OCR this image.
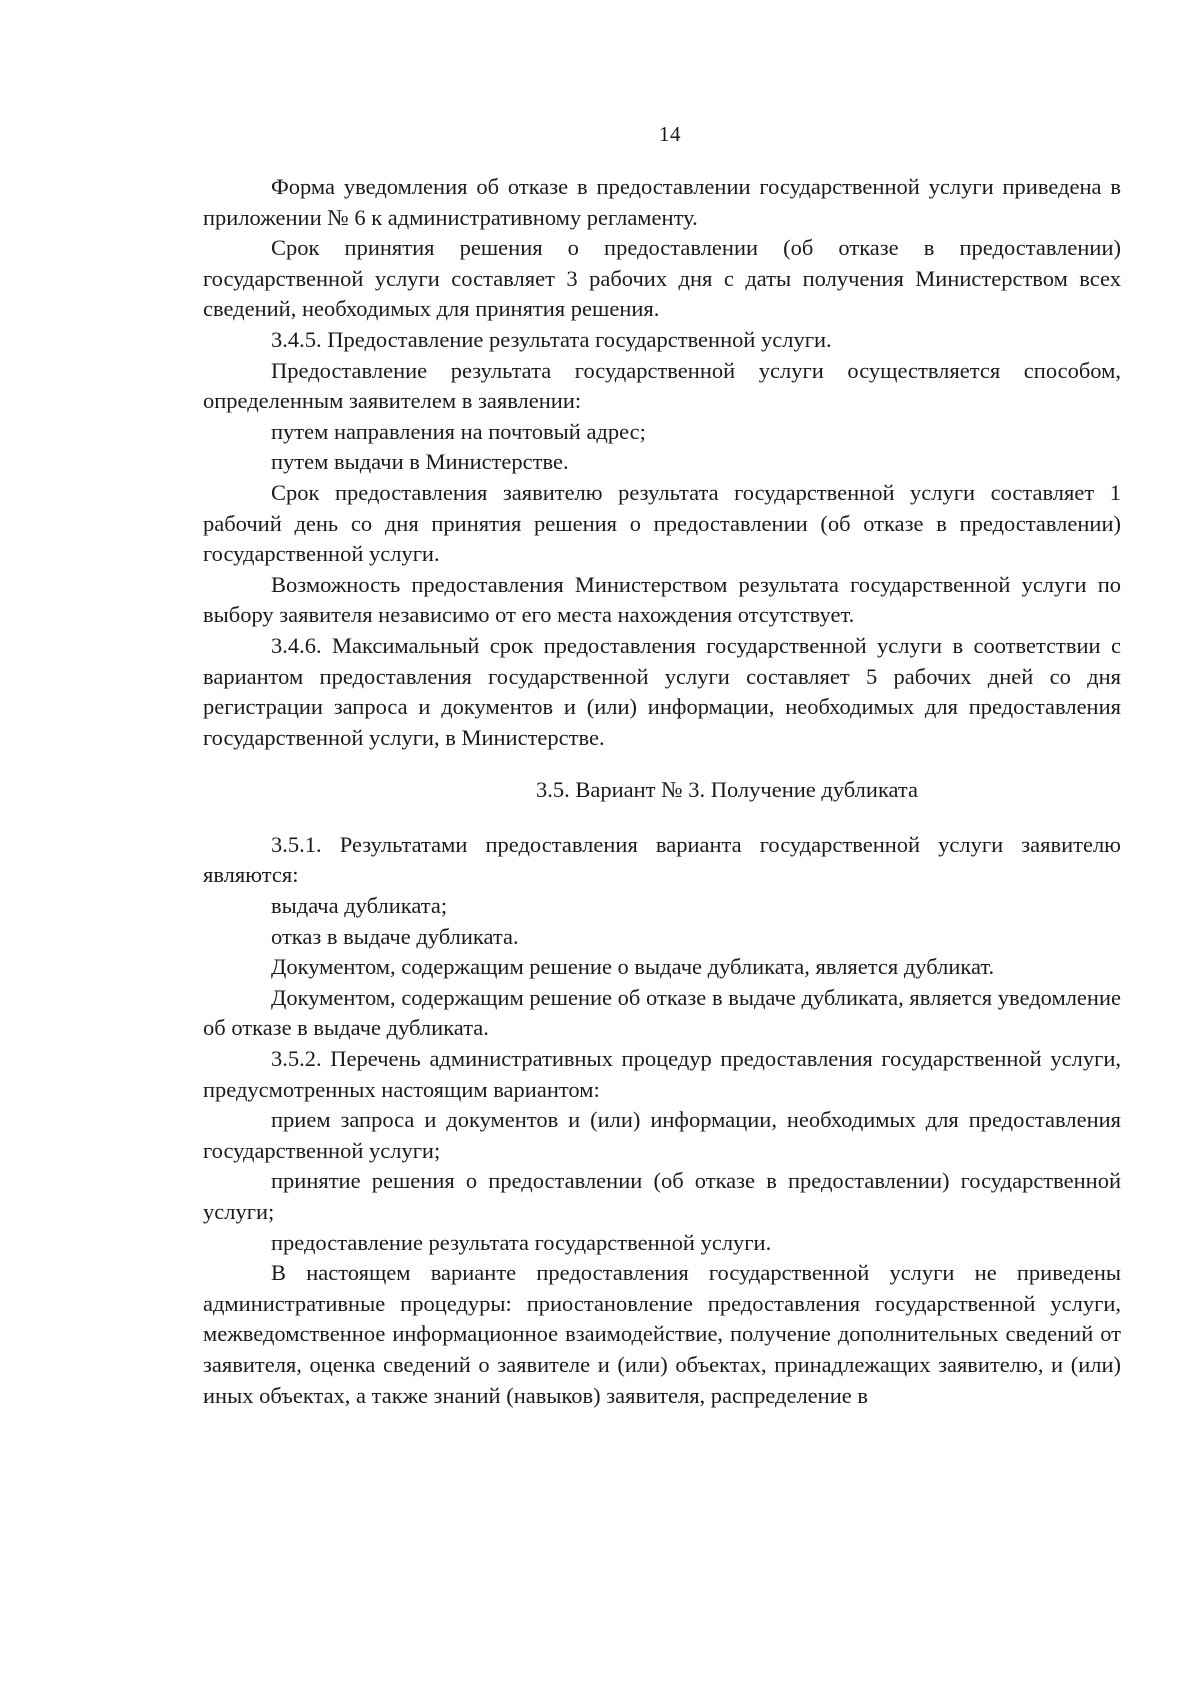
14

Форма уведомления об отказе в предоставлении государственной услуги приведена в приложении № 6 к административному регламенту.

Срок принятия решения о предоставлении (об отказе в предоставлении) государственной услуги составляет 3 рабочих дня с даты получения Министерством всех сведений, необходимых для принятия решения.

3.4.5. Предоставление результата государственной услуги.

Предоставление результата государственной услуги осуществляется способом, определенным заявителем в заявлении:

путем направления на почтовый адрес;

путем выдачи в Министерстве.

Срок предоставления заявителю результата государственной услуги составляет 1 рабочий день со дня принятия решения о предоставлении (об отказе в предоставлении) государственной услуги.

Возможность предоставления Министерством результата государственной услуги по выбору заявителя независимо от его места нахождения отсутствует.

3.4.6. Максимальный срок предоставления государственной услуги в соответствии с вариантом предоставления государственной услуги составляет 5 рабочих дней со дня регистрации запроса и документов и (или) информации, необходимых для предоставления государственной услуги, в Министерстве.

3.5. Вариант № 3. Получение дубликата

3.5.1. Результатами предоставления варианта государственной услуги заявителю являются:

выдача дубликата;

отказ в выдаче дубликата.

Документом, содержащим решение о выдаче дубликата, является дубликат.

Документом, содержащим решение об отказе в выдаче дубликата, является уведомление об отказе в выдаче дубликата.

3.5.2. Перечень административных процедур предоставления государственной услуги, предусмотренных настоящим вариантом:

прием запроса и документов и (или) информации, необходимых для предоставления государственной услуги;

принятие решения о предоставлении (об отказе в предоставлении) государственной услуги;

предоставление результата государственной услуги.

В настоящем варианте предоставления государственной услуги не приведены административные процедуры: приостановление предоставления государственной услуги, межведомственное информационное взаимодействие, получение дополнительных сведений от заявителя, оценка сведений о заявителе и (или) объектах, принадлежащих заявителю, и (или) иных объектах, а также знаний (навыков) заявителя, распределение в
